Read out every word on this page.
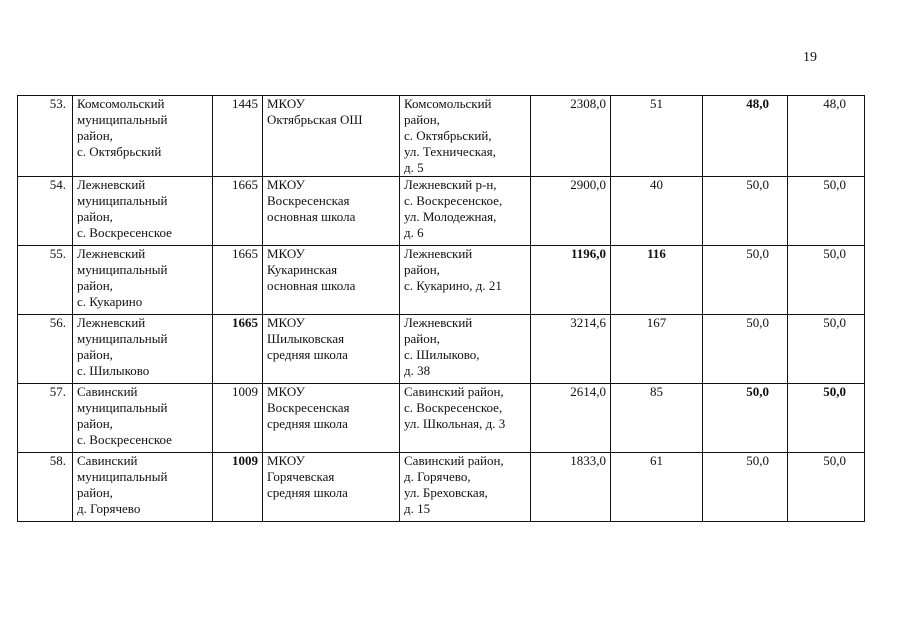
19
53.	Комсомольский
муниципальный
район,
с. Октябрьский	1445	МКОУ
Октябрьская ОШ	Комсомольский
район,
с. Октябрьский,
ул. Техническая,
д. 5	2308,0	51	48,0	48,0
54.	Лежневский
муниципальный
район,
с. Воскресенское	1665	МКОУ
Воскресенская
основная школа	Лежневский р-н,
с. Воскресенское,
ул. Молодежная,
д. 6	2900,0	40	50,0	50,0
55.	Лежневский
муниципальный
район,
с. Кукарино	1665	МКОУ
Кукаринская
основная школа	Лежневский
район,
с. Кукарино, д. 21	1196,0	116	50,0	50,0
56.	Лежневский
муниципальный
район,
с. Шилыково	1665	МКОУ
Шилыковская
средняя школа	Лежневский
район,
с. Шилыково,
д. 38	3214,6	167	50,0	50,0
57.	Савинский
муниципальный
район,
с. Воскресенское	1009	МКОУ
Воскресенская
средняя школа	Савинский район,
с. Воскресенское,
ул. Школьная, д. 3	2614,0	85	50,0	50,0
58.	Савинский
муниципальный
район,
д. Горячево	1009	МКОУ
Горячевская
средняя школа	Савинский район,
д. Горячево,
ул. Бреховская,
д. 15	1833,0	61	50,0	50,0
